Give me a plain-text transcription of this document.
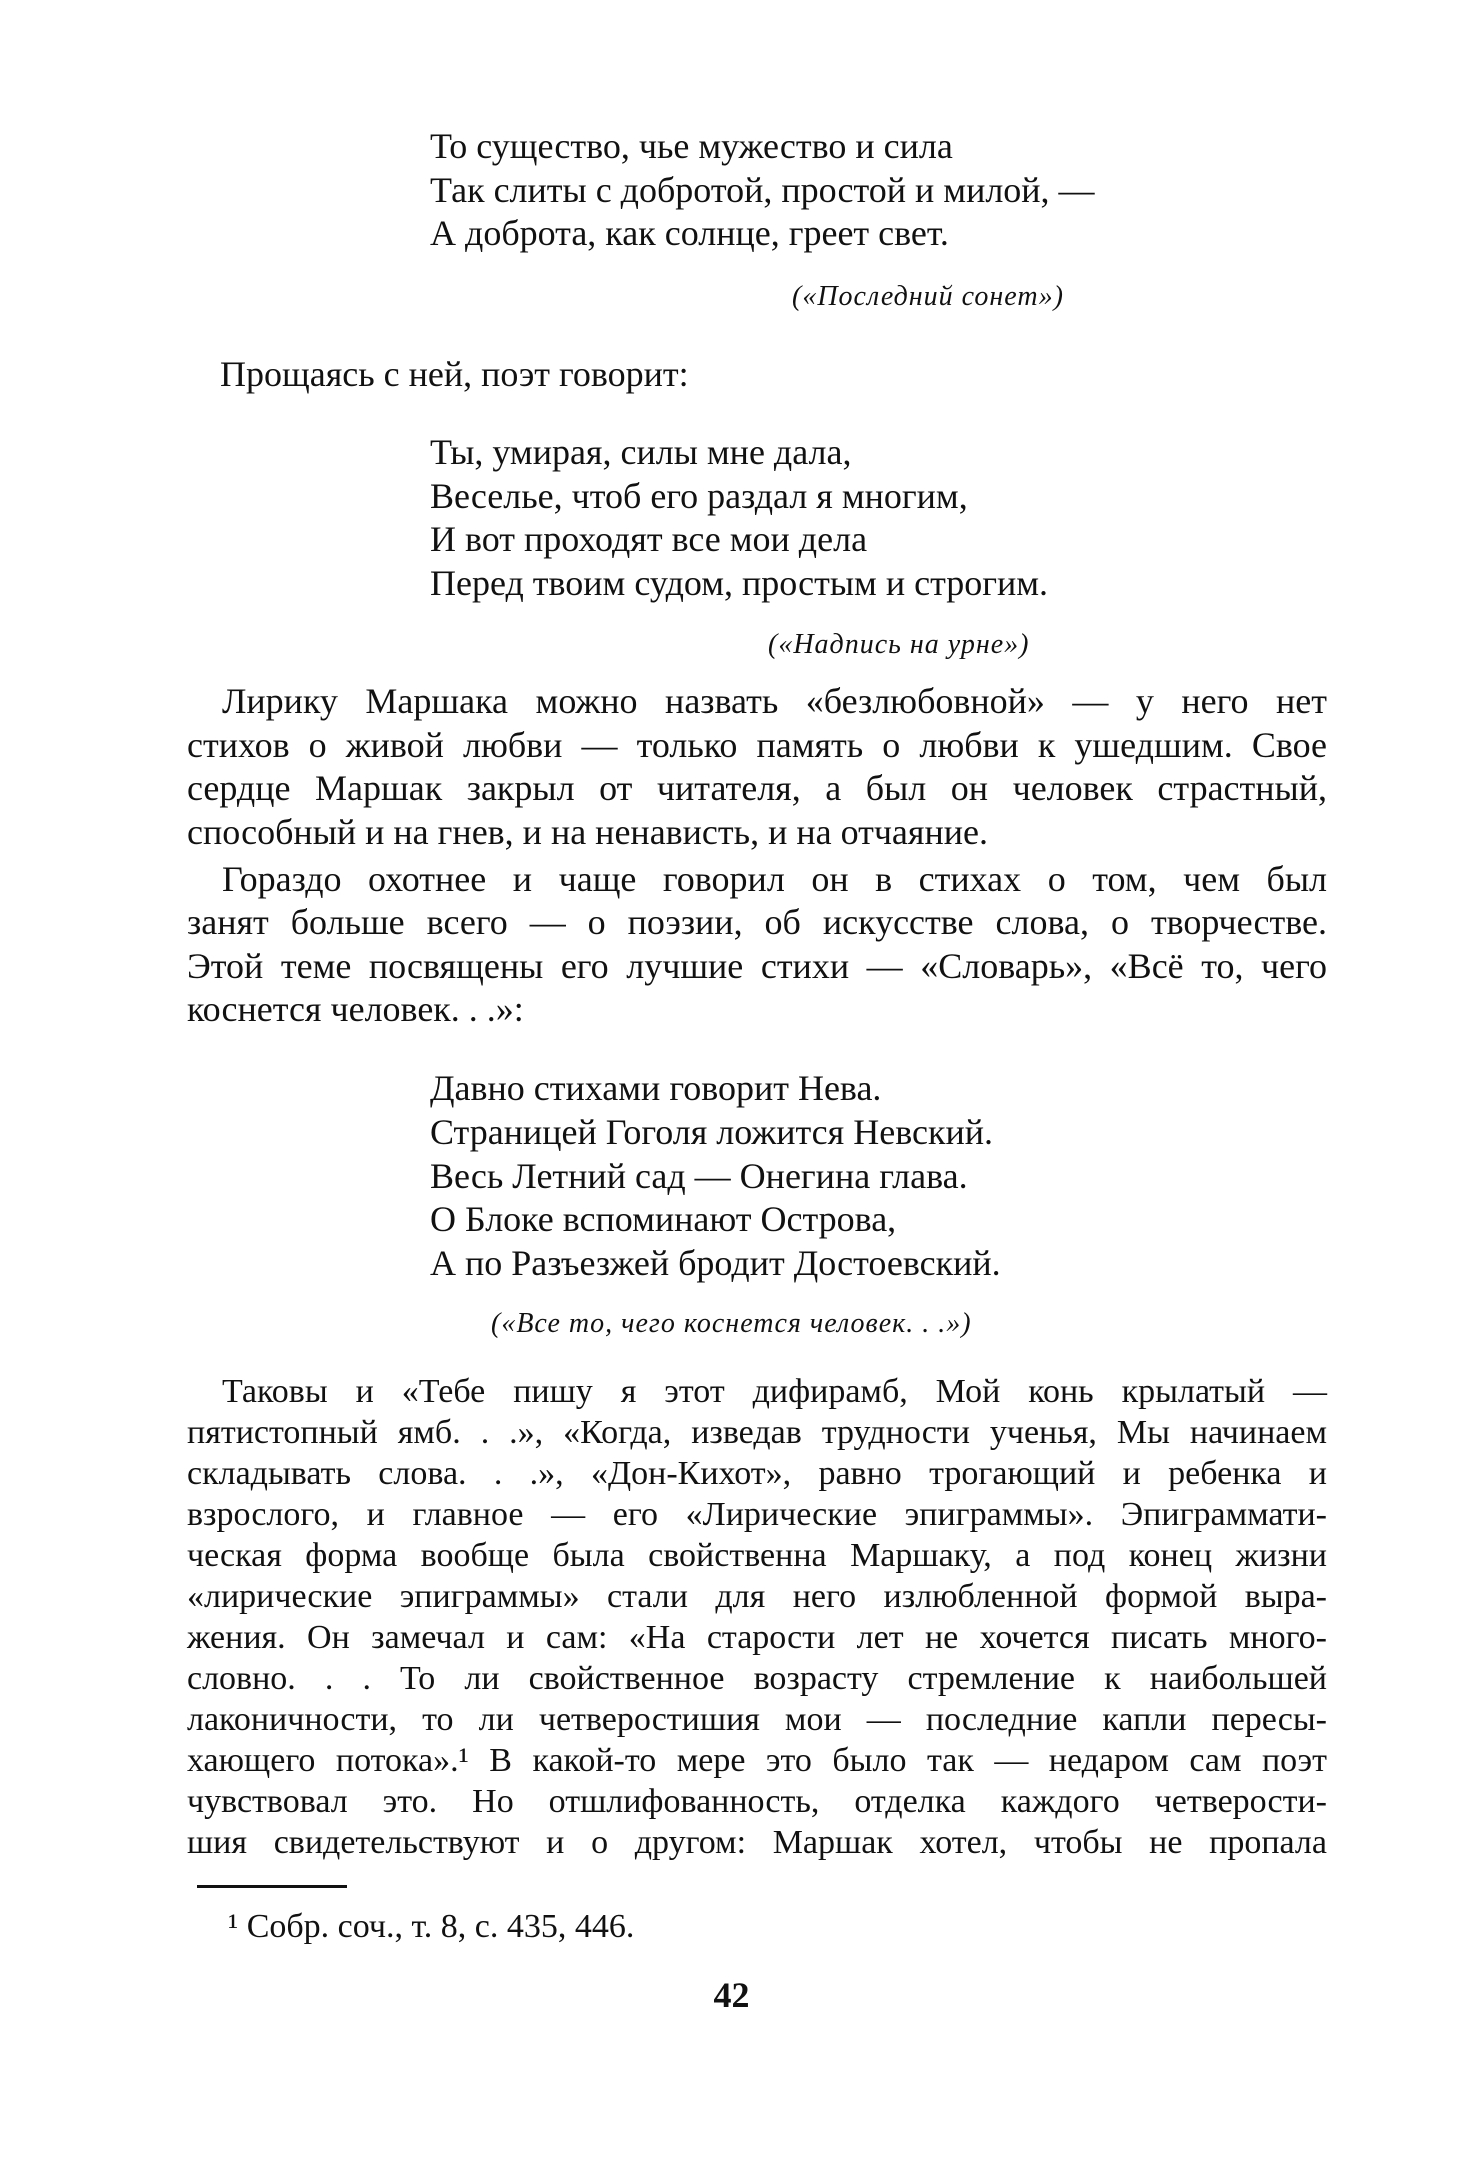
То существо, чье мужество и сила
Так слиты с добротой, простой и милой, —
А доброта, как солнце, греет свет.
(«Последний сонет»)
Прощаясь с ней, поэт говорит:
Ты, умирая, силы мне дала,
Веселье, чтоб его раздал я многим,
И вот проходят все мои дела
Перед твоим судом, простым и строгим.
(«Надпись на урне»)
Лирику Маршака можно назвать «безлюбовной» — у него нет
стихов о живой любви — только память о любви к ушедшим. Свое
сердце Маршак закрыл от читателя, а был он человек страстный,
способный и на гнев, и на ненависть, и на отчаяние.
Гораздо охотнее и чаще говорил он в стихах о том, чем был
занят больше всего — о поэзии, об искусстве слова, о творчестве.
Этой теме посвящены его лучшие стихи — «Словарь», «Всё то, чего
коснется человек. . .»:
Давно стихами говорит Нева.
Страницей Гоголя ложится Невский.
Весь Летний сад — Онегина глава.
О Блоке вспоминают Острова,
А по Разъезжей бродит Достоевский.
(«Все то, чего коснется человек. . .»)
Таковы и «Тебе пишу я этот дифирамб, Мой конь крылатый —
пятистопный ямб. . .», «Когда, изведав трудности ученья, Мы начинаем
складывать слова. . .», «Дон-Кихот», равно трогающий и ребенка и
взрослого, и главное — его «Лирические эпиграммы». Эпиграммати-
ческая форма вообще была свойственна Маршаку, а под конец жизни
«лирические эпиграммы» стали для него излюбленной формой выра-
жения. Он замечал и сам: «На старости лет не хочется писать много-
словно. . . То ли свойственное возрасту стремление к наибольшей
лаконичности, то ли четверостишия мои — последние капли пересы-
хающего потока».¹ В какой-то мере это было так — недаром сам поэт
чувствовал это. Но отшлифованность, отделка каждого четверости-
шия свидетельствуют и о другом: Маршак хотел, чтобы не пропала
¹ Собр. соч., т. 8, с. 435, 446.
42
